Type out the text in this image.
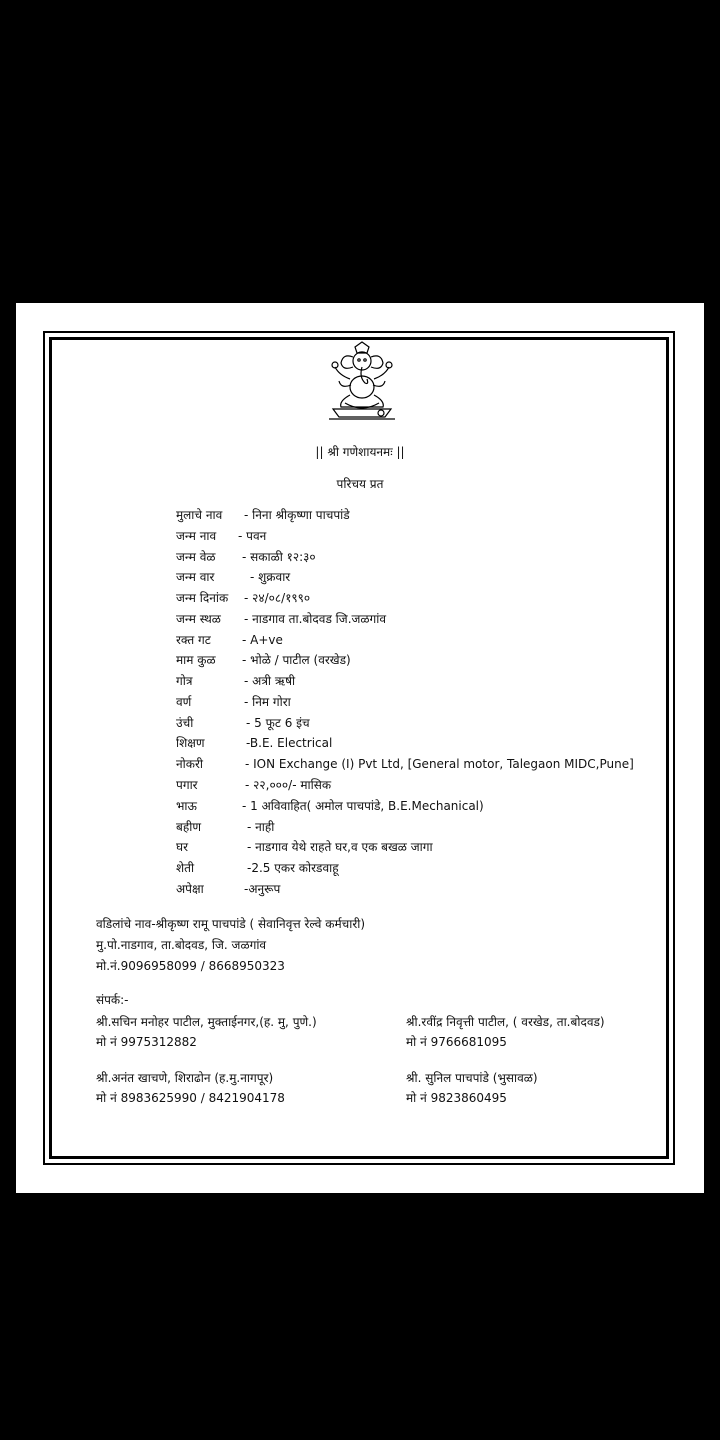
|| श्री गणेशायनमः ||
परिचय प्रत
मुलाचे नाव - निना श्रीकृष्णा पाचपांडे
जन्म नाव - पवन
जन्म वेळ - सकाळी १२:३०
जन्म वार	- शुक्रवार
जन्म दिनांक - २४/०८/१९९०
जन्म स्थळ - नाडगाव ता.बोदवड जि.जळगांव
रक्त गट	- A+ve
माम कुळ - भोळे / पाटील (वरखेड)
गोत्र	- अत्री ऋषी
वर्ण	- निम गोरा
उंची	- 5 फूट 6 इंच
शिक्षण	-B.E. Electrical
नोकरी	- ION Exchange (I) Pvt Ltd, [General motor, Talegaon MIDC,Pune]
पगार	- २२,०००/- मासिक
भाऊ	- 1 अविवाहित( अमोल पाचपांडे, B.E.Mechanical)
बहीण	- नाही
घर	- नाडगाव येथे राहते घर,व एक बखळ जागा
शेती	-2.5 एकर कोरडवाहू
अपेक्षा	-अनुरूप
वडिलांचे नाव-श्रीकृष्ण रामू पाचपांडे ( सेवानिवृत्त रेल्वे कर्मचारी)
मु.पो.नाडगाव, ता.बोदवड, जि. जळगांव
मो.नं.9096958099 / 8668950323
संपर्क:-
श्री.सचिन मनोहर पाटील, मुक्ताईनगर,(ह. मु, पुणे.)
मो नं 9975312882
श्री.रवींद्र निवृत्ती पाटील, ( वरखेड, ता.बोदवड)
मो नं 9766681095
श्री.अनंत खाचणे, शिराढोन (ह.मु.नागपूर)
मो नं 8983625990 / 8421904178
श्री. सुनिल पाचपांडे (भुसावळ)
मो नं 9823860495
